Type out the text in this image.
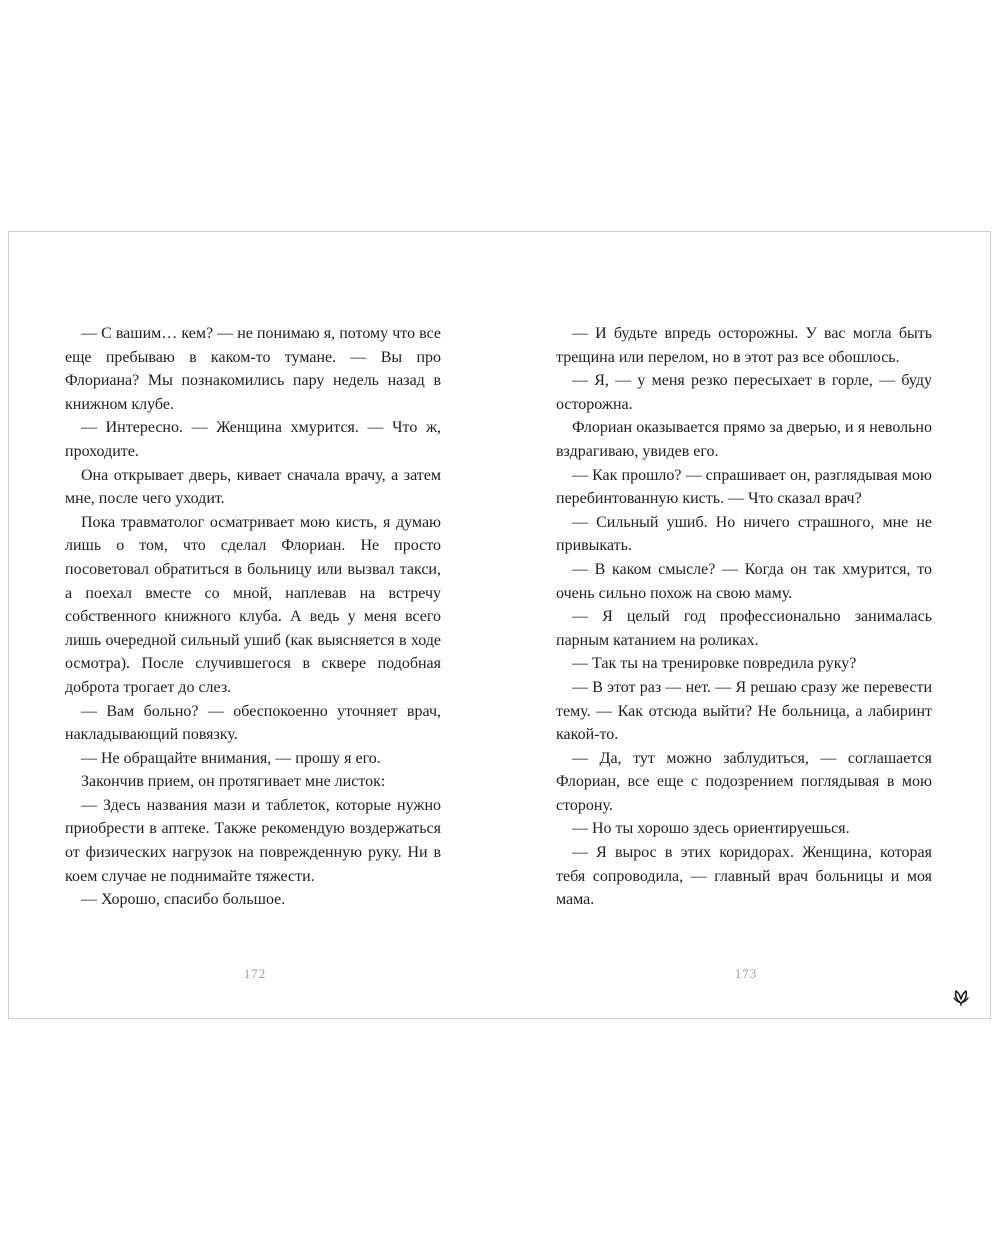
— С вашим… кем? — не понимаю я, потому что все еще пребываю в каком-то тумане. — Вы про Флориана? Мы познакомились пару недель назад в книжном клубе.

— Интересно. — Женщина хмурится. — Что ж, проходите.

Она открывает дверь, кивает сначала врачу, а затем мне, после чего уходит.

Пока травматолог осматривает мою кисть, я думаю лишь о том, что сделал Флориан. Не просто посоветовал обратиться в больницу или вызвал такси, а поехал вместе со мной, наплевав на встречу собственного книжного клуба. А ведь у меня всего лишь очередной сильный ушиб (как выясняется в ходе осмотра). После случившегося в сквере подобная доброта трогает до слез.

— Вам больно? — обеспокоенно уточняет врач, накладывающий повязку.

— Не обращайте внимания, — прошу я его.

Закончив прием, он протягивает мне листок:

— Здесь названия мази и таблеток, которые нужно приобрести в аптеке. Также рекомендую воздержаться от физических нагрузок на поврежденную руку. Ни в коем случае не поднимайте тяжести.

— Хорошо, спасибо большое.

— И будьте впредь осторожны. У вас могла быть трещина или перелом, но в этот раз все обошлось.

— Я, — у меня резко пересыхает в горле, — буду осторожна.

Флориан оказывается прямо за дверью, и я невольно вздрагиваю, увидев его.

— Как прошло? — спрашивает он, разглядывая мою перебинтованную кисть. — Что сказал врач?

— Сильный ушиб. Но ничего страшного, мне не привыкать.

— В каком смысле? — Когда он так хмурится, то очень сильно похож на свою маму.

— Я целый год профессионально занималась парным катанием на роликах.

— Так ты на тренировке повредила руку?

— В этот раз — нет. — Я решаю сразу же перевести тему. — Как отсюда выйти? Не больница, а лабиринт какой-то.

— Да, тут можно заблудиться, — соглашается Флориан, все еще с подозрением поглядывая в мою сторону.

— Но ты хорошо здесь ориентируешься.

— Я вырос в этих коридорах. Женщина, которая тебя сопроводила, — главный врач больницы и моя мама.

172	173
